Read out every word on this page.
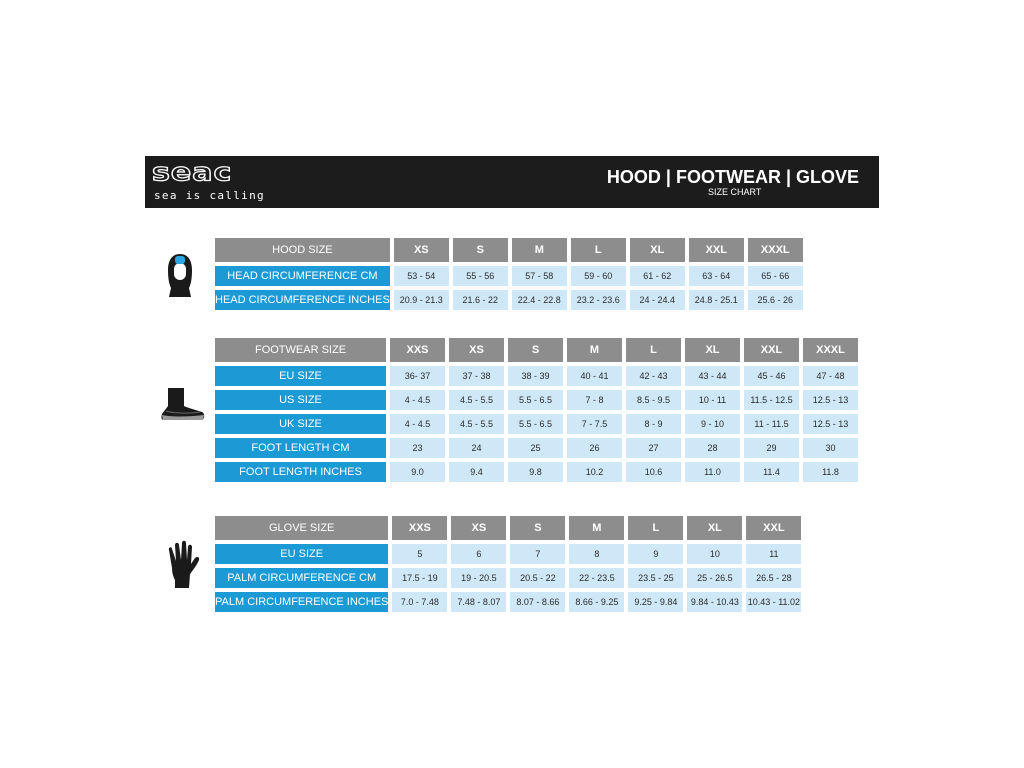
seac
sea is calling
HOOD | FOOTWEAR | GLOVE
SIZE CHART
HOOD SIZE	XS	S	M	L	XL	XXL	XXXL
HEAD CIRCUMFERENCE CM	53 - 54	55 - 56	57 - 58	59 - 60	61 - 62	63 - 64	65 - 66
HEAD CIRCUMFERENCE INCHES	20.9 - 21.3	21.6 - 22	22.4 - 22.8	23.2 - 23.6	24 - 24.4	24.8 - 25.1	25.6 - 26
FOOTWEAR SIZE	XXS	XS	S	M	L	XL	XXL	XXXL
EU SIZE	36- 37	37 - 38	38 - 39	40 - 41	42 - 43	43 - 44	45 - 46	47 - 48
US SIZE	4 - 4.5	4.5 - 5.5	5.5 - 6.5	7 - 8	8.5 - 9.5	10 - 11	11.5 - 12.5	12.5 - 13
UK SIZE	4 - 4.5	4.5 - 5.5	5.5 - 6.5	7 - 7.5	8 - 9	9 - 10	11 - 11.5	12.5 - 13
FOOT LENGTH CM	23	24	25	26	27	28	29	30
FOOT LENGTH INCHES	9.0	9.4	9.8	10.2	10.6	11.0	11.4	11.8
GLOVE SIZE	XXS	XS	S	M	L	XL	XXL
EU SIZE	5	6	7	8	9	10	11
PALM CIRCUMFERENCE CM	17.5 - 19	19 - 20.5	20.5 - 22	22 - 23.5	23.5 - 25	25 - 26.5	26.5 - 28
PALM CIRCUMFERENCE INCHES	7.0 - 7.48	7.48 - 8.07	8.07 - 8.66	8.66 - 9.25	9.25 - 9.84	9.84 - 10.43	10.43 - 11.02
